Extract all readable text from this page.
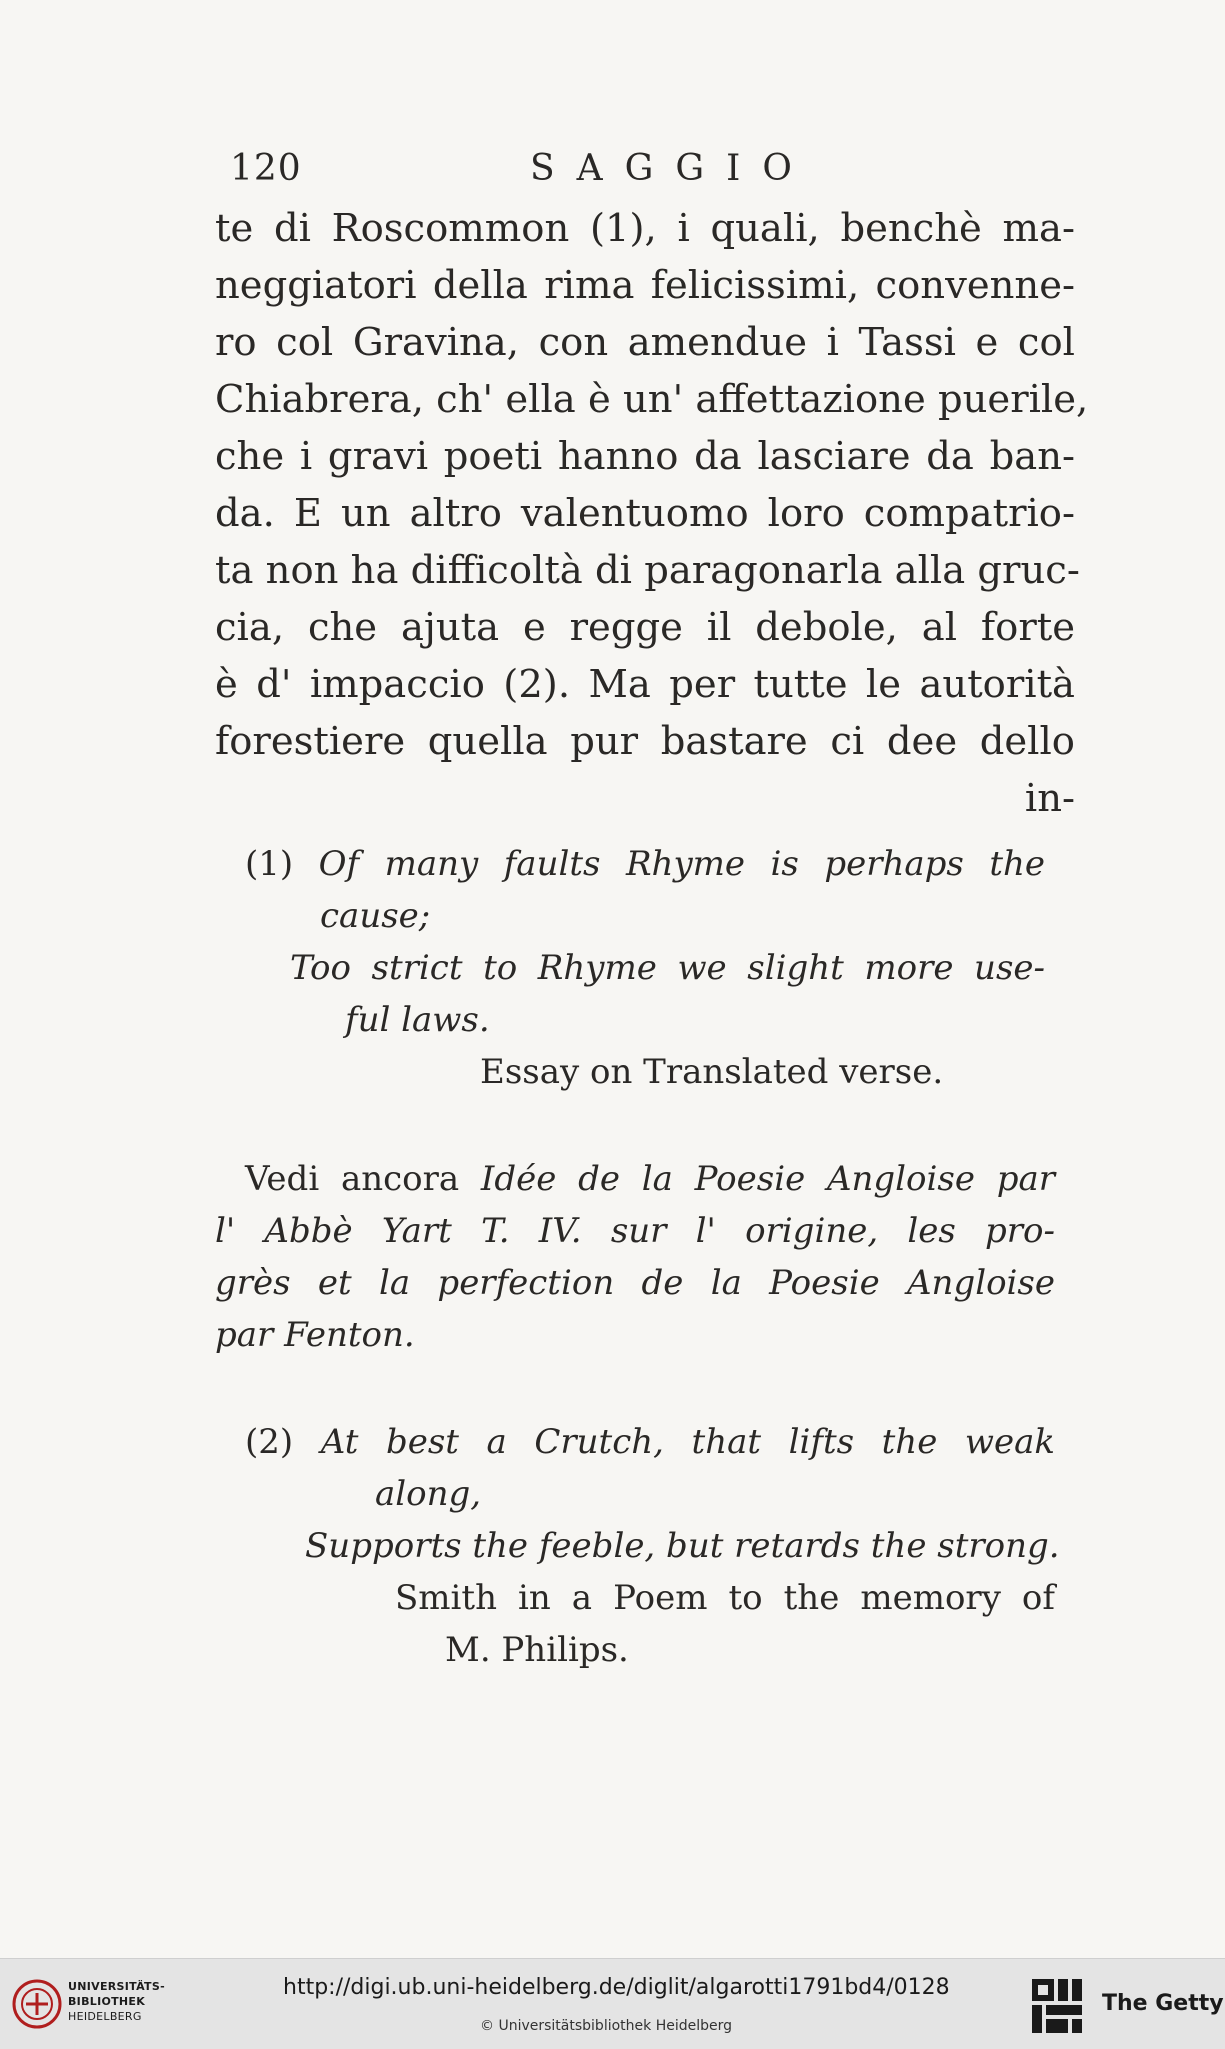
120	SAGGIO
te di Roscommon (1), i quali, benchè ma-
neggiatori della rima felicissimi, convenne-
ro col Gravina, con amendue i Tassi e col
Chiabrera, ch' ella è un' affettazione puerile,
che i gravi poeti hanno da lasciare da ban-
da. E un altro valentuomo loro compatrio-
ta non ha difficoltà di paragonarla alla gruc-
cia, che ajuta e regge il debole, al forte
è d' impaccio (2). Ma per tutte le autorità
forestiere quella pur bastare ci dee dello
in-
(1) Of many faults Rhyme is perhaps the
cause;
Too strict to Rhyme we slight more use-
ful laws.
Essay on Translated verse.
Vedi ancora Idée de la Poesie Angloise par
l' Abbè Yart T. IV. sur l' origine, les pro-
grès et la perfection de la Poesie Angloise
par Fenton.
(2) At best a Crutch, that lifts the weak
along,
Supports the feeble, but retards the strong.
Smith in a Poem to the memory of
M. Philips.
UNIVERSITÄTS-
BIBLIOTHEK
HEIDELBERG
http://digi.ub.uni-heidelberg.de/diglit/algarotti1791bd4/0128
© Universitätsbibliothek Heidelberg
The Getty
